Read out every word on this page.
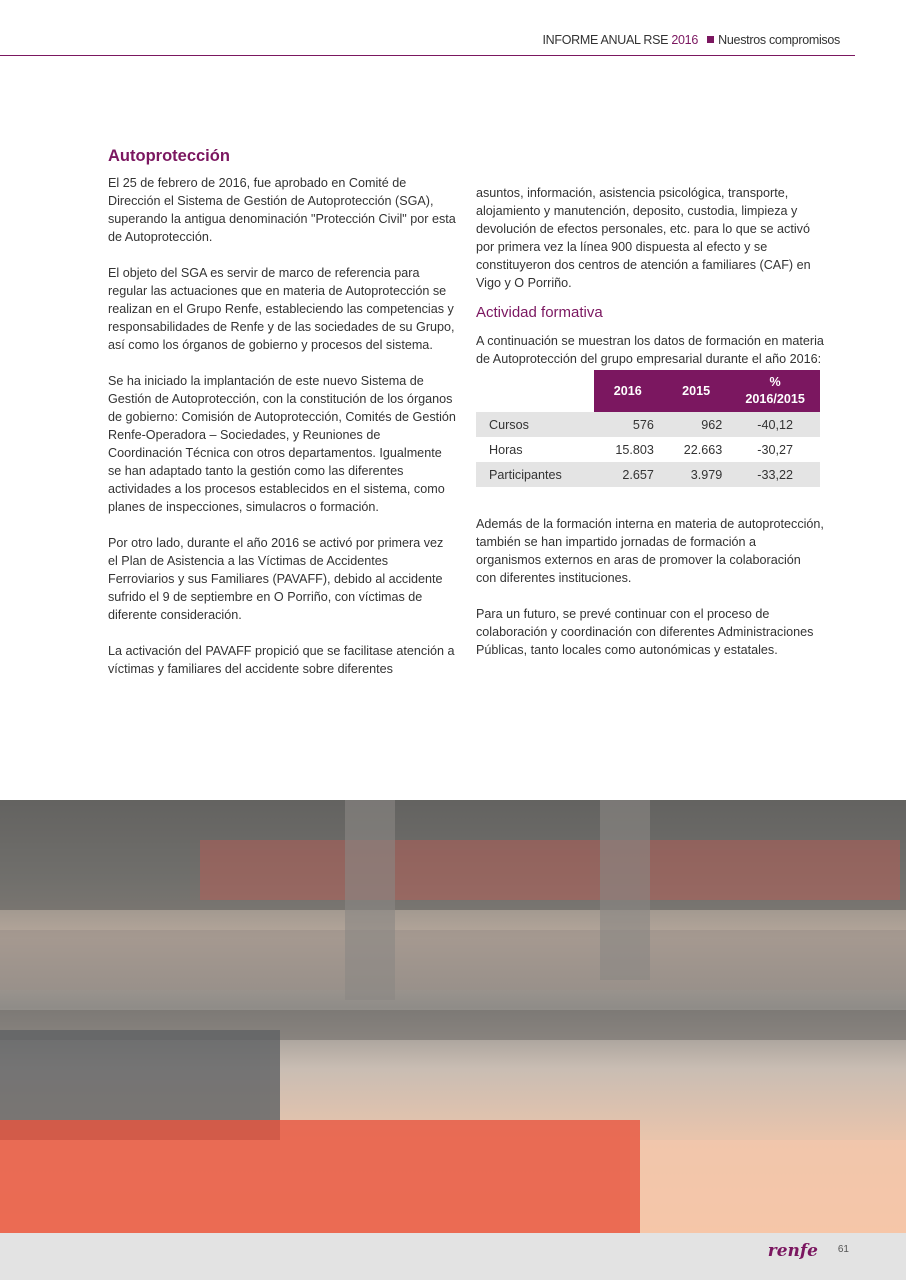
INFORME ANUAL RSE 2016 Nuestros compromisos
Autoprotección

El 25 de febrero de 2016, fue aprobado en Comité de Dirección el Sistema de Gestión de Autoprotección (SGA), superando la antigua denominación "Protección Civil" por esta de Autoprotección.

El objeto del SGA es servir de marco de referencia para regular las actuaciones que en materia de Autoprotección se realizan en el Grupo Renfe, estableciendo las competencias y responsabilidades de Renfe y de las sociedades de su Grupo, así como los órganos de gobierno y procesos del sistema.

Se ha iniciado la implantación de este nuevo Sistema de Gestión de Autoprotección, con la constitución de los órganos de gobierno: Comisión de Autoprotección, Comités de Gestión Renfe-Operadora – Sociedades, y Reuniones de Coordinación Técnica con otros departamentos. Igualmente se han adaptado tanto la gestión como las diferentes actividades a los procesos establecidos en el sistema, como planes de inspecciones, simulacros o formación.

Por otro lado, durante el año 2016 se activó por primera vez el Plan de Asistencia a las Víctimas de Accidentes Ferroviarios y sus Familiares (PAVAFF), debido al accidente sufrido el 9 de septiembre en O Porriño, con víctimas de diferente consideración.

La activación del PAVAFF propició que se facilitase atención a víctimas y familiares del accidente sobre diferentes

asuntos, información, asistencia psicológica, transporte, alojamiento y manutención, deposito, custodia, limpieza y devolución de efectos personales, etc. para lo que se activó por primera vez la línea 900 dispuesta al efecto y se constituyeron dos centros de atención a familiares (CAF) en Vigo y O Porriño.

Actividad formativa

A continuación se muestran los datos de formación en materia de Autoprotección del grupo empresarial durante el año 2016:

	2016	2015	%
2016/2015
Cursos	576	962	-40,12
Horas	15.803	22.663	-30,27
Participantes	2.657	3.979	-33,22

Además de la formación interna en materia de autoprotección, también se han impartido jornadas de formación a organismos externos en aras de promover la colaboración con diferentes instituciones.

Para un futuro, se prevé continuar con el proceso de colaboración y coordinación con diferentes Administraciones Públicas, tanto locales como autonómicas y estatales.

renfe 61
